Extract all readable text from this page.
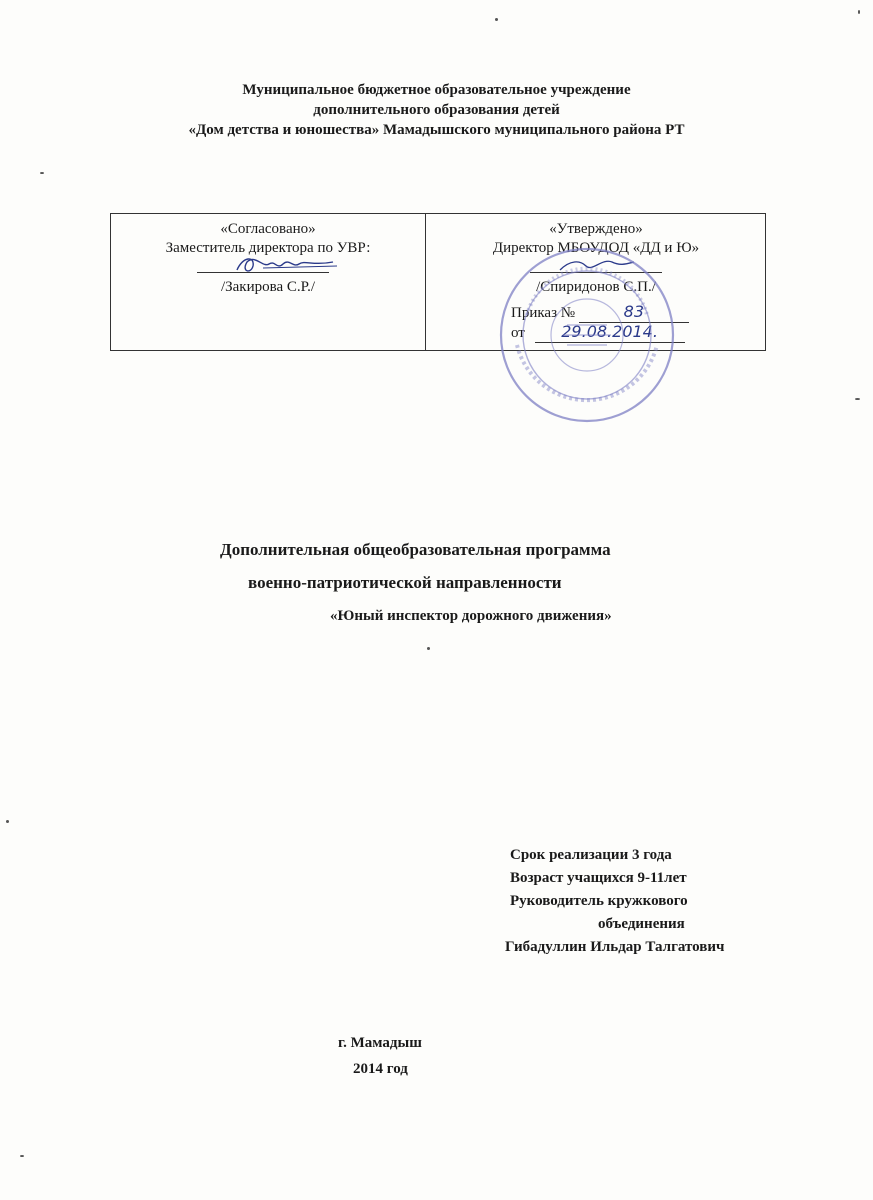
Муниципальное бюджетное образовательное учреждение
дополнительного образования детей
«Дом детства и юношества» Мамадышского муниципального района РТ
«Согласовано»
Заместитель директора по УВР:
/Закирова С.Р./
«Утверждено»
Директор МБОУДОД «ДД и Ю»
/Спиридонов С.П./
Приказ №	83
от 29.08.2014.
Дополнительная общеобразовательная программа
военно-патриотической направленности
«Юный инспектор дорожного движения»
Срок реализации 3 года
Возраст учащихся 9-11лет
Руководитель кружкового
объединения
Гибадуллин Ильдар Талгатович
г. Мамадыш
2014 год
